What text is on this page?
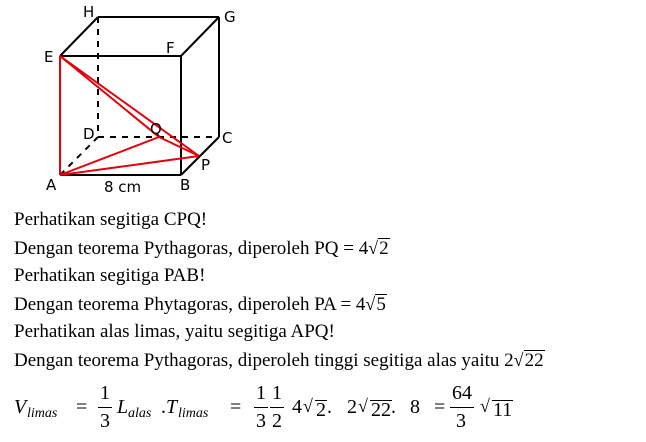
H	G
E	F
D	Q	C
P
A	B
8 cm
Perhatikan segitiga CPQ!
Dengan teorema Pythagoras, diperoleh PQ = 4√2
Perhatikan segitiga PAB!
Dengan teorema Phytagoras, diperoleh PA = 4√5
Perhatikan alas limas, yaitu segitiga APQ!
Dengan teorema Pythagoras, diperoleh tinggi segitiga alas yaitu 2√22
V limas =
1
3
L alas . T limas =
1
3
1
2
4 √ 2 . 2 √ 22 . 8 =
64
3
√ 11
